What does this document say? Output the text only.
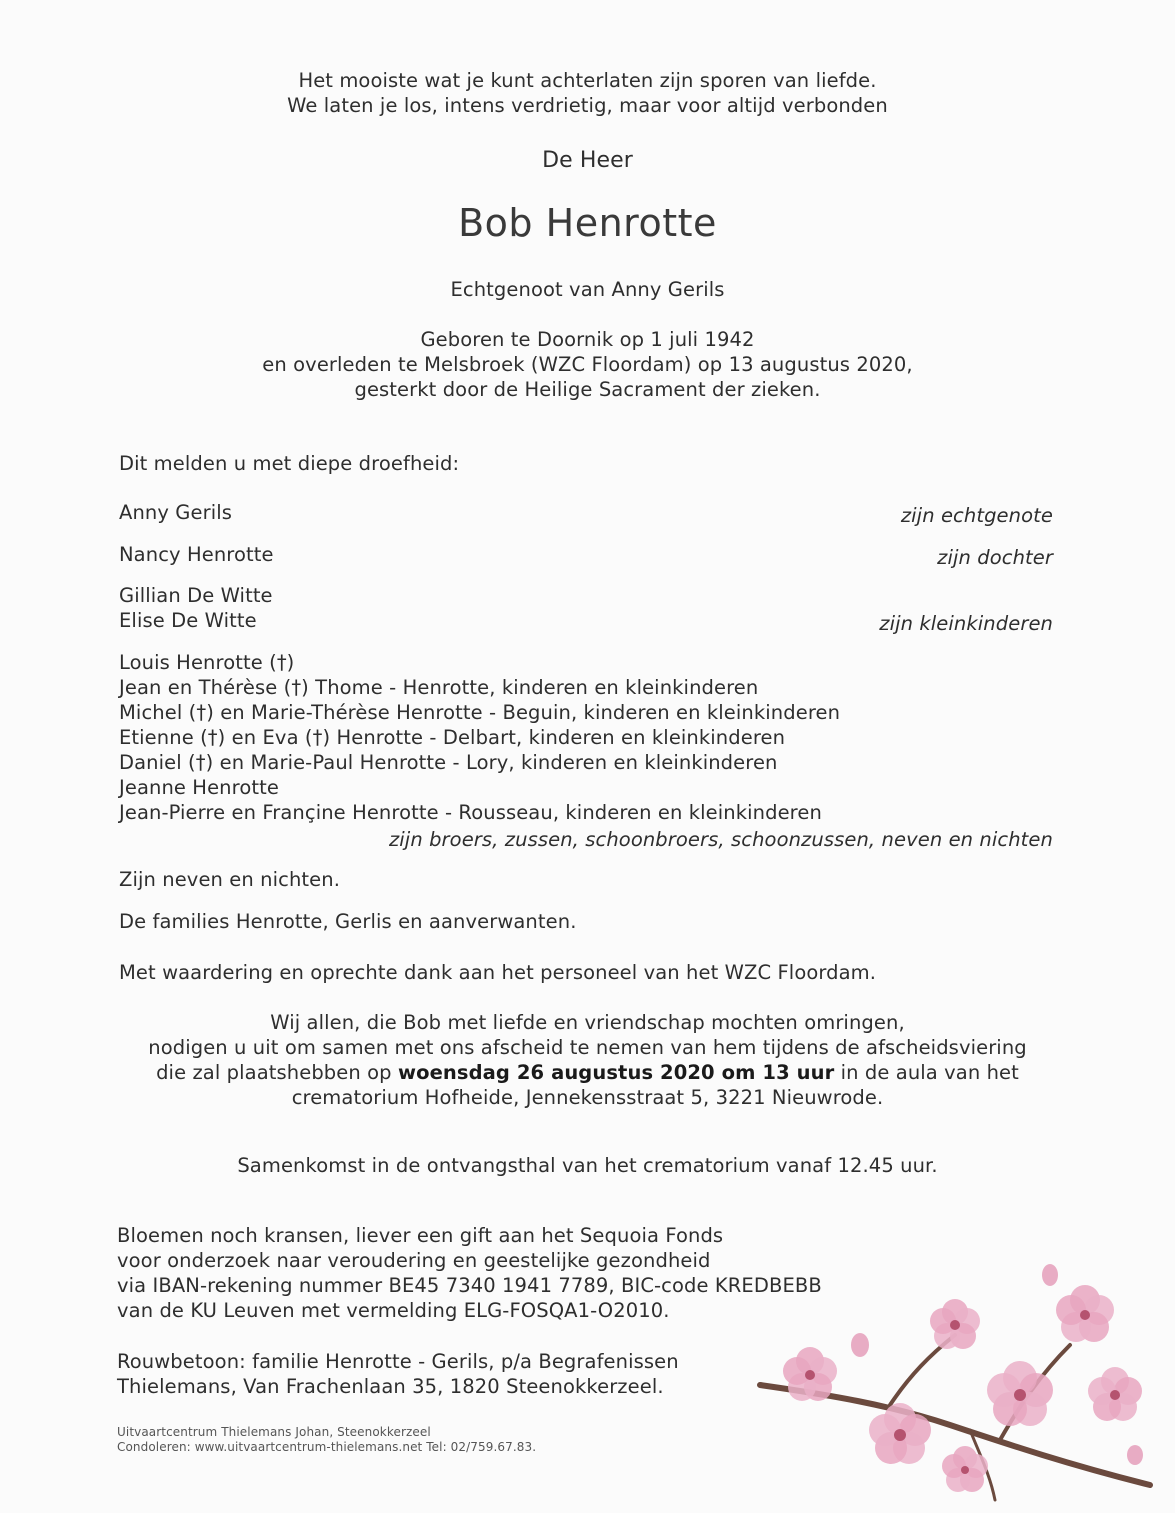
Het mooiste wat je kunt achterlaten zijn sporen van liefde.
We laten je los, intens verdrietig, maar voor altijd verbonden
De Heer
Bob Henrotte
Echtgenoot van Anny Gerils
Geboren te Doornik op 1 juli 1942
en overleden te Melsbroek (WZC Floordam) op 13 augustus 2020,
gesterkt door de Heilige Sacrament der zieken.
Dit melden u met diepe droefheid:
Anny Gerils	zijn echtgenote
Nancy Henrotte	zijn dochter
Gillian De Witte
Elise De Witte	zijn kleinkinderen
Louis Henrotte (†)
Jean en Thérèse (†) Thome - Henrotte, kinderen en kleinkinderen
Michel (†) en Marie-Thérèse Henrotte - Beguin, kinderen en kleinkinderen
Etienne (†) en Eva (†) Henrotte - Delbart, kinderen en kleinkinderen
Daniel (†) en Marie-Paul Henrotte - Lory, kinderen en kleinkinderen
Jeanne Henrotte
Jean-Pierre en Françine Henrotte - Rousseau, kinderen en kleinkinderen
zijn broers, zussen, schoonbroers, schoonzussen, neven en nichten
Zijn neven en nichten.
De families Henrotte, Gerlis en aanverwanten.
Met waardering en oprechte dank aan het personeel van het WZC Floordam.
Wij allen, die Bob met liefde en vriendschap mochten omringen,
nodigen u uit om samen met ons afscheid te nemen van hem tijdens de afscheidsviering
die zal plaatshebben op woensdag 26 augustus 2020 om 13 uur in de aula van het
crematorium Hofheide, Jennekensstraat 5, 3221 Nieuwrode.
Samenkomst in de ontvangsthal van het crematorium vanaf 12.45 uur.
Bloemen noch kransen, liever een gift aan het Sequoia Fonds
voor onderzoek naar veroudering en geestelijke gezondheid
via IBAN-rekening nummer BE45 7340 1941 7789, BIC-code KREDBEBB
van de KU Leuven met vermelding ELG-FOSQA1-O2010.
Rouwbetoon: familie Henrotte - Gerils, p/a Begrafenissen
Thielemans, Van Frachenlaan 35, 1820 Steenokkerzeel.
Uitvaartcentrum Thielemans Johan, Steenokkerzeel
Condoleren: www.uitvaartcentrum-thielemans.net Tel: 02/759.67.83.
